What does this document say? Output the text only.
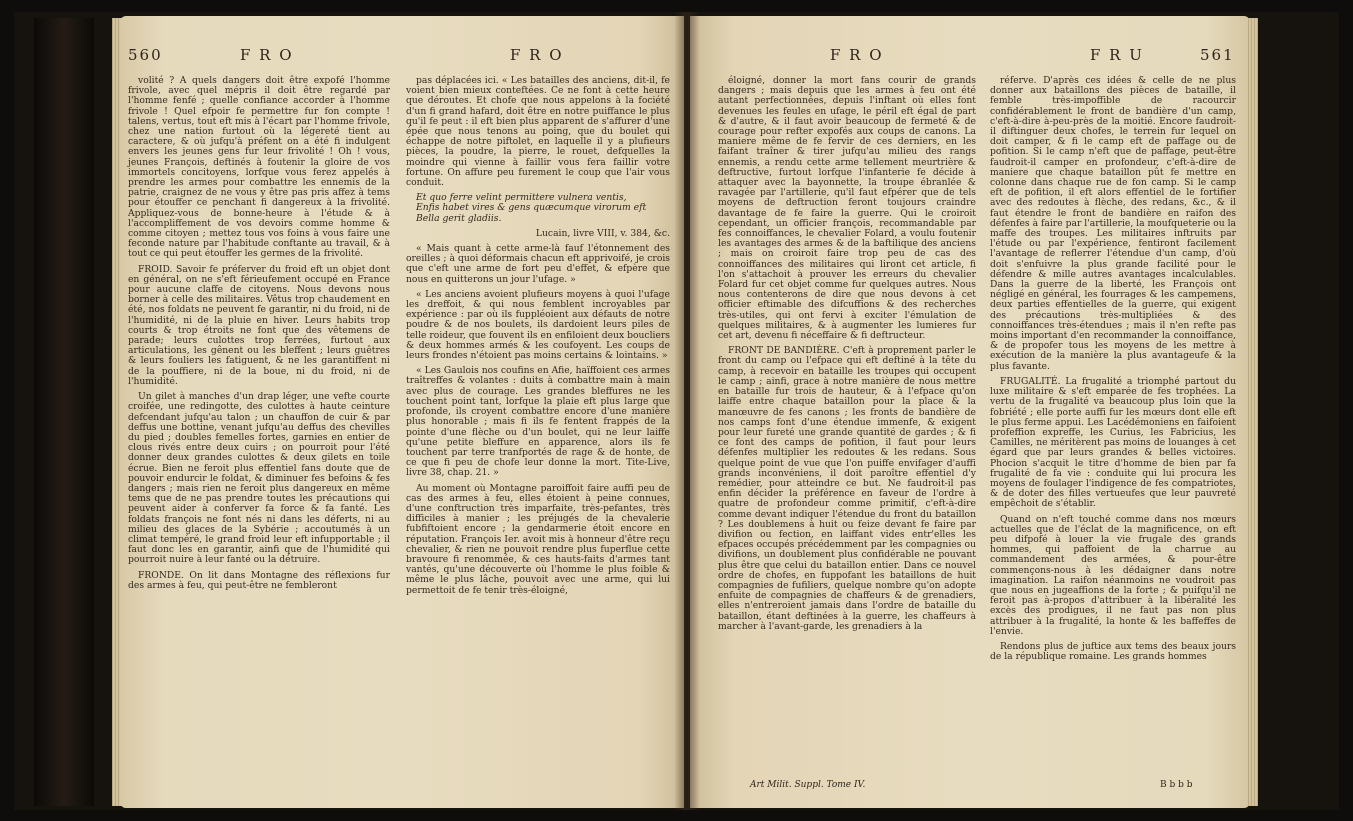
560	F R O	F R O

volité ? A quels dangers doit être expofé l'homme frivole, avec quel mépris il doit être regardé par l'homme fenfé ; quelle confiance accorder à l'homme frivole ! Quel efpoir fe permettre fur fon compte ! talens, vertus, tout eft mis à l'écart par l'homme frivole, chez une nation furtout où la légereté tient au caractere, & où jufqu'à préfent on a été fi indulgent envers les jeunes gens fur leur frivolité ! Oh ! vous, jeunes François, deftinés à foutenir la gloire de vos immortels concitoyens, lorfque vous ferez appelés à prendre les armes pour combattre les ennemis de la patrie, craignez de ne vous y être pas pris affez à tems pour étouffer ce penchant fi dangereux à la frivolité. Appliquez-vous de bonne-heure à l'étude & à l'accompliffement de vos devoirs comme homme & comme citoyen ; mettez tous vos foins à vous faire une feconde nature par l'habitude conftante au travail, & à tout ce qui peut étouffer les germes de la frivolité.

FROID. Savoir fe préferver du froid eft un objet dont en général, on ne s'eft férieufement occupé en France pour aucune claffe de citoyens. Nous devons nous borner à celle des militaires. Vêtus trop chaudement en été, nos foldats ne peuvent fe garantir, ni du froid, ni de l'humidité, ni de la pluie en hiver. Leurs habits trop courts & trop étroits ne font que des vêtemens de parade; leurs culottes trop ferrées, furtout aux articulations, les gênent ou les bleffent ; leurs guêtres & leurs fouliers les fatiguent, & ne les garantiffent ni de la pouffiere, ni de la boue, ni du froid, ni de l'humidité.

Un gilet à manches d'un drap léger, une vefte courte croifée, une redingotte, des culottes à haute ceinture defcendant jufqu'au talon ; un chauffon de cuir & par deffus une bottine, venant jufqu'au deffus des chevilles du pied ; doubles femelles fortes, garnies en entier de clous rivés entre deux cuirs ; on pourroit pour l'été donner deux grandes culottes & deux gilets en toile écrue. Bien ne feroit plus effentiel fans doute que de pouvoir endurcir le foldat, & diminuer fes befoins & fes dangers ; mais rien ne feroit plus dangereux en même tems que de ne pas prendre toutes les précautions qui peuvent aider à conferver fa force & fa fanté. Les foldats françois ne font nés ni dans les déferts, ni au milieu des glaces de la Sybérie ; accoutumés à un climat tempéré, le grand froid leur eft infupportable ; il faut donc les en garantir, ainfi que de l'humidité qui pourroit nuire à leur fanté ou la détruire.

FRONDE. On lit dans Montagne des réflexions fur des armes à feu, qui peut-être ne fembleront

pas déplacées ici. « Les batailles des anciens, dit-il, fe voient bien mieux conteftées. Ce ne font à cette heure que déroutes. Et chofe que nous appelons à la fociété d'un fi grand hafard, doit être en notre puiffance le plus qu'il fe peut : il eft bien plus apparent de s'affurer d'une épée que nous tenons au poing, que du boulet qui échappe de notre piftolet, en laquelle il y a plufieurs pièces, la poudre, la pierre, le rouet, defquelles la moindre qui vienne à faillir vous fera faillir votre fortune. On affure peu furement le coup que l'air vous conduit.

Et quo ferre velint permittere vulnera ventis,
Enfis habet vires & gens quæcumque virorum eft
Bella gerit gladiis.

Lucain, livre VIII, v. 384, &c.

« Mais quant à cette arme-là fauf l'étonnement des oreilles ; à quoi déformais chacun eft apprivoifé, je crois que c'eft une arme de fort peu d'effet, & efpère que nous en quitterons un jour l'ufage. »

« Les anciens avoient plufieurs moyens à quoi l'ufage les dreffoit, & qui nous femblent incroyables par expérience : par où ils fuppléoient aux défauts de notre poudre & de nos boulets, ils dardoient leurs piles de telle roideur, que fouvent ils en enfiloient deux boucliers & deux hommes armés & les coufoyent. Les coups de leurs frondes n'étoient pas moins certains & lointains. »

« Les Gaulois nos coufins en Afie, haïffoient ces armes traîtreffes & volantes : duits à combattre main à main avec plus de courage. Les grandes bleffures ne les touchent point tant, lorfque la plaie eft plus large que profonde, ils croyent combattre encore d'une manière plus honorable ; mais fi ils fe fentent frappés de la pointe d'une flèche ou d'un boulet, qui ne leur laiffe qu'une petite bleffure en apparence, alors ils fe touchent par terre tranfportés de rage & de honte, de ce que fi peu de chofe leur donne la mort. Tite-Live, livre 38, chap. 21. »

Au moment où Montagne paroiffoit faire auffi peu de cas des armes à feu, elles étoient à peine connues, d'une conftruction très imparfaite, très-pefantes, très difficiles à manier ; les préjugés de la chevalerie fubfiftoient encore ; la gendarmerie étoit encore en réputation. François Ier. avoit mis à honneur d'être reçu chevalier, & rien ne pouvoit rendre plus fuperflue cette bravoure fi renommée, & ces hauts-faits d'armes tant vantés, qu'une découverte où l'homme le plus foible & même le plus lâche, pouvoit avec une arme, qui lui permettoit de fe tenir très-éloigné,

F R O	F R U	561

éloigné, donner la mort fans courir de grands dangers ; mais depuis que les armes à feu ont été autant perfectionnées, depuis l'inftant où elles font devenues les feules en ufage, le péril eft égal de part & d'autre, & il faut avoir beaucoup de fermeté & de courage pour refter expofés aux coups de canons. La maniere même de fe fervir de ces derniers, en les faifant traîner & tirer jufqu'au milieu des rangs ennemis, a rendu cette arme tellement meurtrière & deftructive, furtout lorfque l'infanterie fe décide à attaquer avec la bayonnette, la troupe ébranlée & ravagée par l'artillerie, qu'il faut efpérer que de tels moyens de deftruction feront toujours craindre davantage de fe faire la guerre. Qui le croiroit cependant, un officier françois, recommandable par fes connoiffances, le chevalier Folard, a voulu foutenir les avantages des armes & de la baftilique des anciens ; mais on croiroit faire trop peu de cas des connoiffances des militaires qui liront cet article, fi l'on s'attachoit à prouver les erreurs du chevalier Folard fur cet objet comme fur quelques autres. Nous nous contenterons de dire que nous devons à cet officier eftimable des difcuffions & des recherches très-utiles, qui ont fervi à exciter l'émulation de quelques militaires, & à augmenter les lumieres fur cet art, devenu fi néceffaire & fi deftructeur.

FRONT DE BANDIÈRE. C'eft à proprement parler le front du camp ou l'efpace qui eft deftiné à la tête du camp, à recevoir en bataille les troupes qui occupent le camp ; ainfi, grace à notre manière de nous mettre en bataille fur trois de hauteur, & à l'efpace qu'on laiffe entre chaque bataillon pour la place & la manœuvre de fes canons ; les fronts de bandière de nos camps font d'une étendue immenfe, & exigent pour leur fureté une grande quantité de gardes ; & fi ce font des camps de pofition, il faut pour leurs défenfes multiplier les redoutes & les redans. Sous quelque point de vue que l'on puiffe envifager d'auffi grands inconvéniens, il doit paroître effentiel d'y remédier, pour atteindre ce but. Ne faudroit-il pas enfin décider la préférence en faveur de l'ordre à quatre de profondeur comme primitif, c'eft-à-dire comme devant indiquer l'étendue du front du bataillon ? Les doublemens à huit ou feize devant fe faire par divifion ou fection, en laiffant vides entr'elles les efpaces occupés précédemment par les compagnies ou divifions, un doublement plus confidérable ne pouvant plus être que celui du bataillon entier. Dans ce nouvel ordre de chofes, en fuppofant les bataillons de huit compagnies de fufiliers, quelque nombre qu'on adopte enfuite de compagnies de chaffeurs & de grenadiers, elles n'entreroient jamais dans l'ordre de bataille du bataillon, étant deftinées à la guerre, les chaffeurs à marcher à l'avant-garde, les grenadiers à la

réferve. D'après ces idées & celle de ne plus donner aux bataillons des pièces de bataille, il femble très-impoffible de racourcir confidérablement le front de bandière d'un camp, c'eft-à-dire à-peu-près de la moitié. Encore faudroit-il diftinguer deux chofes, le terrein fur lequel on doit camper, & fi le camp eft de paffage ou de pofition. Si le camp n'eft que de paffage, peut-être faudroit-il camper en profondeur, c'eft-à-dire de maniere que chaque bataillon pût fe mettre en colonne dans chaque rue de fon camp. Si le camp eft de pofition, il eft alors effentiel de le fortifier avec des redoutes à flèche, des redans, &c., & il faut étendre le front de bandière en raifon des défenfes à faire par l'artillerie, la moufqueterie ou la maffe des troupes. Les militaires inftruits par l'étude ou par l'expérience, fentiront facilement l'avantage de reflerrer l'étendue d'un camp, d'où doit s'enfuivre la plus grande facilité pour le défendre & mille autres avantages incalculables. Dans la guerre de la liberté, les François ont négligé en général, les fourrages & les campemens, deux parties effentielles de la guerre, qui exigent des précautions très-multipliées & des connoiffances très-étendues ; mais il n'en refte pas moins important d'en recommander la connoiffance, & de propofer tous les moyens de les mettre à exécution de la manière la plus avantageufe & la plus favante.

FRUGALITÉ. La frugalité a triomphé partout du luxe militaire & s'eft emparée de fes trophées. La vertu de la frugalité va beaucoup plus loin que la fobriété ; elle porte auffi fur les mœurs dont elle eft le plus ferme appui. Les Lacédémoniens en faifoient profeffion expreffe, les Curius, les Fabricius, les Camilles, ne méritèrent pas moins de louanges à cet égard que par leurs grandes & belles victoires. Phocion s'acquit le titre d'homme de bien par fa frugalité de fa vie : conduite qui lui procura les moyens de foulager l'indigence de fes compatriotes, & de doter des filles vertueufes que leur pauvreté empêchoit de s'établir.

Quand on n'eft touché comme dans nos mœurs actuelles que de l'éclat de la magnificence, on eft peu difpofé à louer la vie frugale des grands hommes, qui paffoient de la charrue au commandement des armées, & pour-être commençons-nous à les dédaigner dans notre imagination. La raifon néanmoins ne voudroit pas que nous en jugeaffions de la forte ; & puifqu'il ne feroit pas à-propos d'attribuer à la libéralité les excès des prodigues, il ne faut pas non plus attribuer à la frugalité, la honte & les baffeffes de l'envie.

Rendons plus de juftice aux tems des beaux jours de la république romaine. Les grands hommes

Art Milit. Suppl. Tome IV.	B b b b
